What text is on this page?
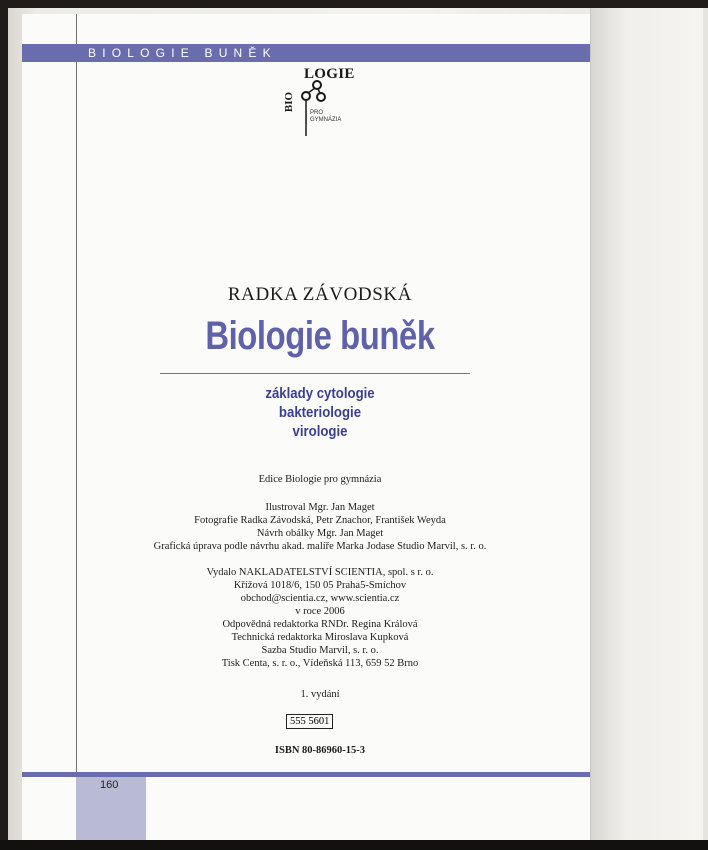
BIOLOGIE BUNĚK
LOGIE
BIO
PRO
GYMNÁZIA
RADKA ZÁVODSKÁ
Biologie buněk
základy cytologie
bakteriologie
virologie
Edice Biologie pro gymnázia
Ilustroval Mgr. Jan Maget
Fotografie Radka Závodská, Petr Znachor, František Weyda
Návrh obálky Mgr. Jan Maget
Grafická úprava podle návrhu akad. malíře Marka Jodase Studio Marvil, s. r. o.
Vydalo NAKLADATELSTVÍ SCIENTIA, spol. s r. o.
Křížová 1018/6, 150 05 Praha5-Smíchov
obchod@scientia.cz, www.scientia.cz
v roce 2006
Odpovědná redaktorka RNDr. Regina Králová
Technická redaktorka Miroslava Kupková
Sazba Studio Marvil, s. r. o.
Tisk Centa, s. r. o., Vídeňská 113, 659 52 Brno
1. vydání
555 5601
ISBN 80-86960-15-3
160
